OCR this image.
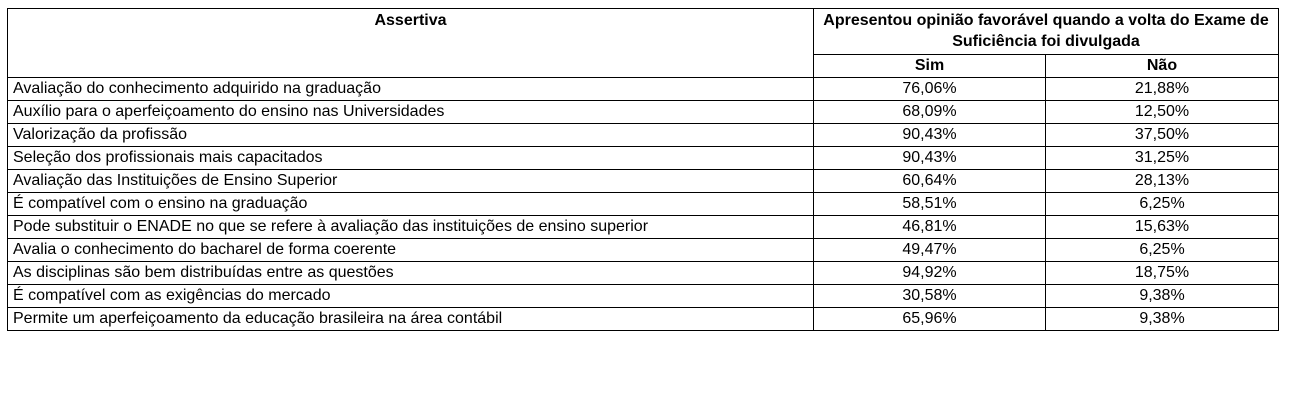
Assertiva	Apresentou opinião favorável quando a volta do Exame de Suficiência foi divulgada	
	Sim	Não
Avaliação do conhecimento adquirido na graduação	76,06%	21,88%
Auxílio para o aperfeiçoamento do ensino nas Universidades	68,09%	12,50%
Valorização da profissão	90,43%	37,50%
Seleção dos profissionais mais capacitados	90,43%	31,25%
Avaliação das Instituições de Ensino Superior	60,64%	28,13%
É compatível com o ensino na graduação	58,51%	6,25%
Pode substituir o ENADE no que se refere à avaliação das instituições de ensino superior	46,81%	15,63%
Avalia o conhecimento do bacharel de forma coerente	49,47%	6,25%
As disciplinas são bem distribuídas entre as questões	94,92%	18,75%
É compatível com as exigências do mercado	30,58%	9,38%
Permite um aperfeiçoamento da educação brasileira na área contábil	65,96%	9,38%
